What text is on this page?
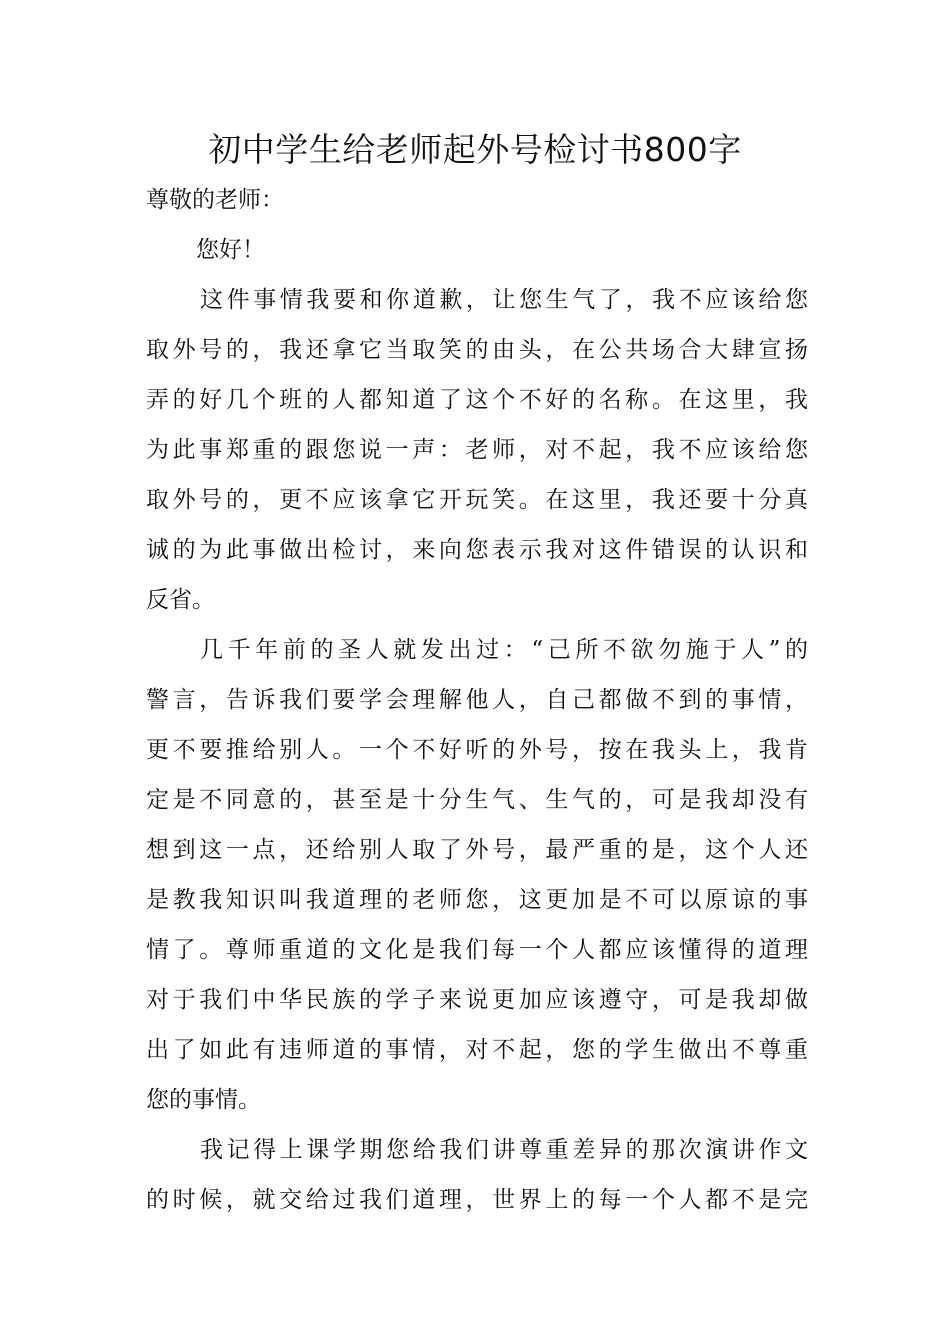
初中学生给老师起外号检讨书800字
尊敬的老师：
您好！
这件事情我要和你道歉，让您生气了，我不应该给您
取外号的，我还拿它当取笑的由头，在公共场合大肆宣扬
弄的好几个班的人都知道了这个不好的名称。在这里，我
为此事郑重的跟您说一声：老师，对不起，我不应该给您
取外号的，更不应该拿它开玩笑。在这里，我还要十分真
诚的为此事做出检讨，来向您表示我对这件错误的认识和
反省。
几千年前的圣人就发出过：“己所不欲勿施于人”的
警言，告诉我们要学会理解他人，自己都做不到的事情，
更不要推给别人。一个不好听的外号，按在我头上，我肯
定是不同意的，甚至是十分生气、生气的，可是我却没有
想到这一点，还给别人取了外号，最严重的是，这个人还
是教我知识叫我道理的老师您，这更加是不可以原谅的事
情了。尊师重道的文化是我们每一个人都应该懂得的道理
对于我们中华民族的学子来说更加应该遵守，可是我却做
出了如此有违师道的事情，对不起，您的学生做出不尊重
您的事情。
我记得上课学期您给我们讲尊重差异的那次演讲作文
的时候，就交给过我们道理，世界上的每一个人都不是完
